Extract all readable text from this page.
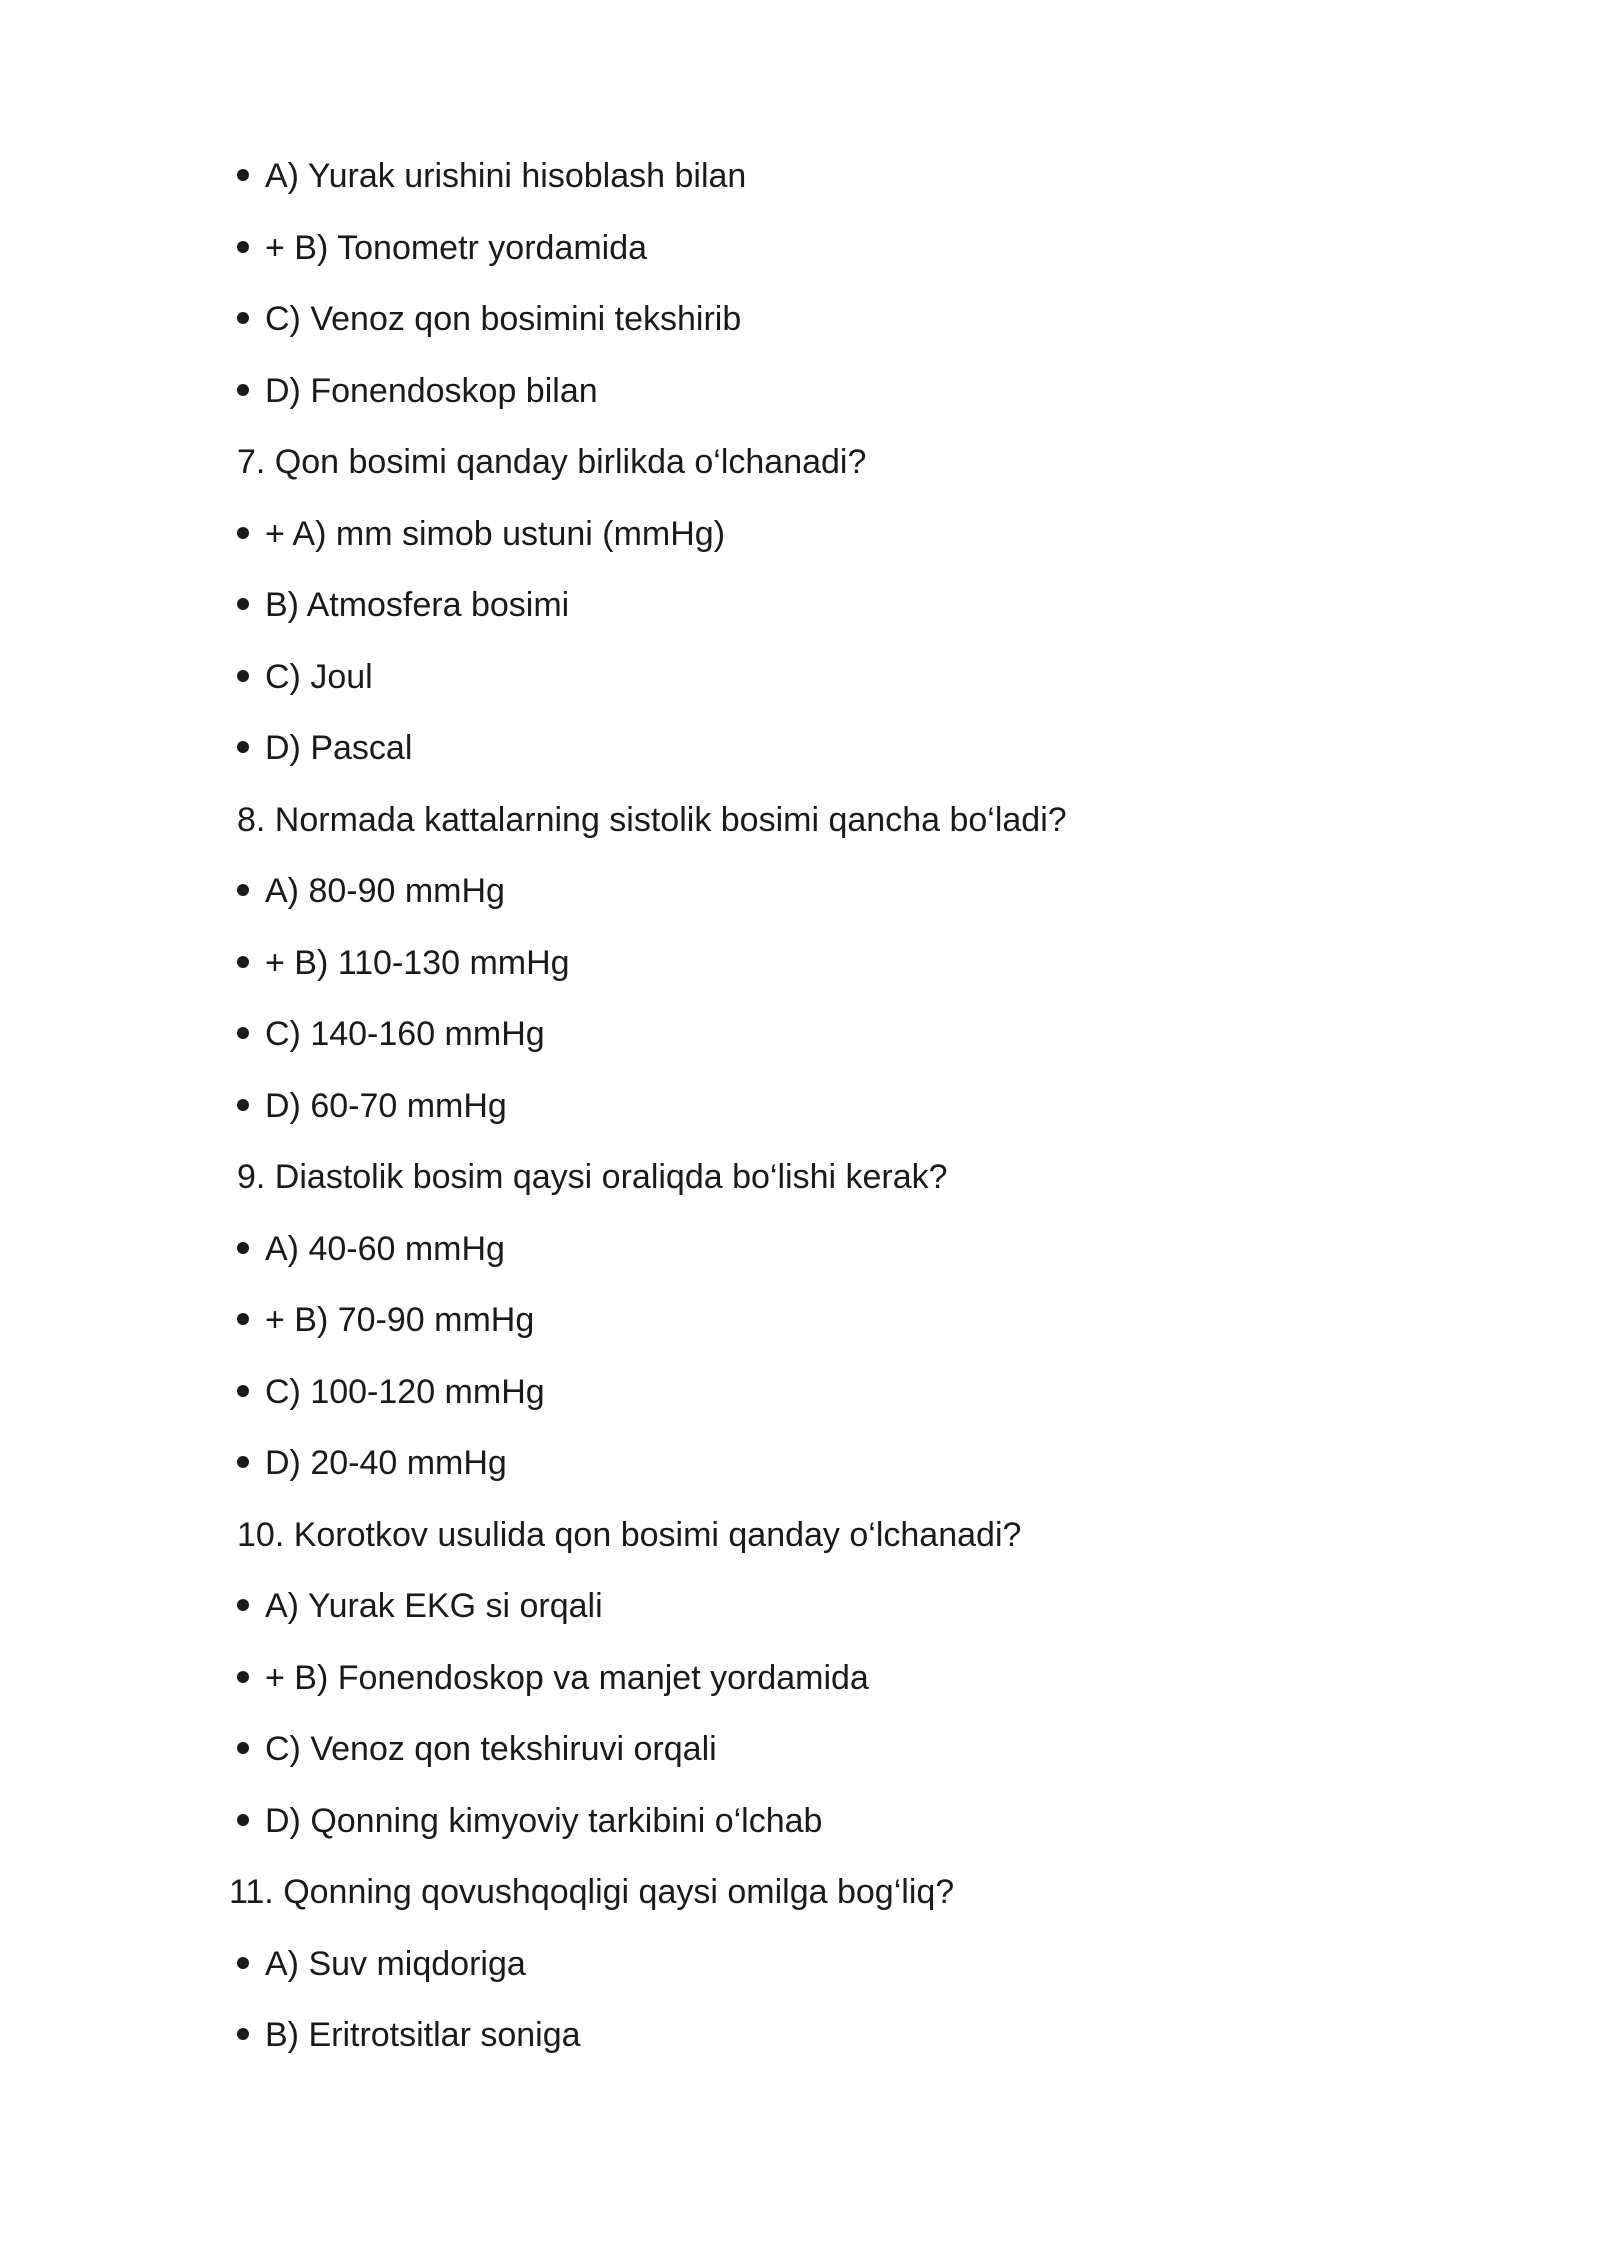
A) Yurak urishini hisoblash bilan
+ B) Tonometr yordamida
C) Venoz qon bosimini tekshirib
D) Fonendoskop bilan
7. Qon bosimi qanday birlikda o‘lchanadi?
+ A) mm simob ustuni (mmHg)
B) Atmosfera bosimi
C) Joul
D) Pascal
8. Normada kattalarning sistolik bosimi qancha bo‘ladi?
A) 80-90 mmHg
+ B) 110-130 mmHg
C) 140-160 mmHg
D) 60-70 mmHg
9. Diastolik bosim qaysi oraliqda bo‘lishi kerak?
A) 40-60 mmHg
+ B) 70-90 mmHg
C) 100-120 mmHg
D) 20-40 mmHg
10. Korotkov usulida qon bosimi qanday o‘lchanadi?
A) Yurak EKG si orqali
+ B) Fonendoskop va manjet yordamida
C) Venoz qon tekshiruvi orqali
D) Qonning kimyoviy tarkibini o‘lchab
11. Qonning qovushqoqligi qaysi omilga bog‘liq?
A) Suv miqdoriga
B) Eritrotsitlar soniga
